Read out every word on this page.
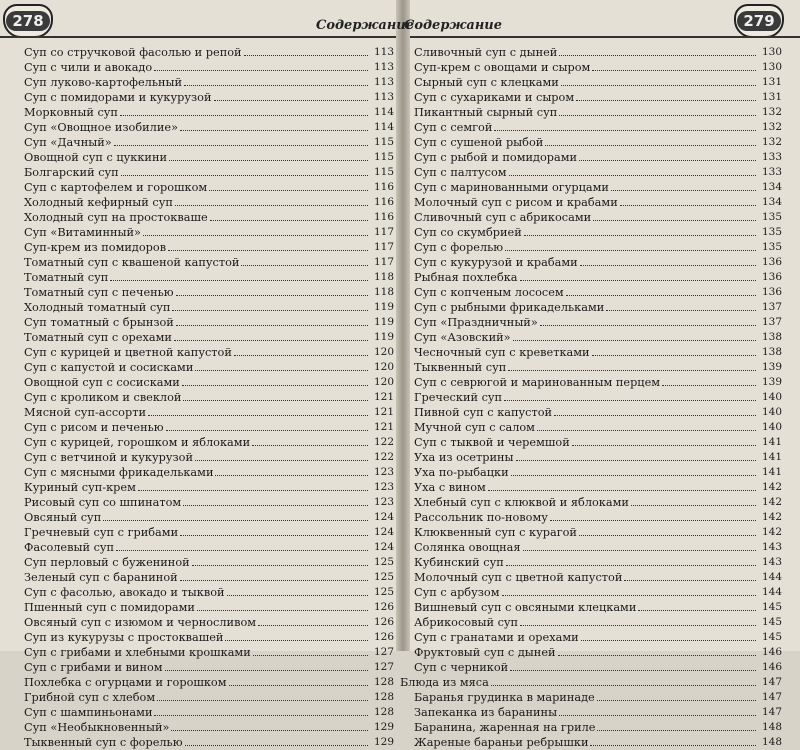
278	Содержание
Содержание	279
Суп со стручковой фасолью и репой	113
Суп с чили и авокадо	113
Суп луково-картофельный	113
Суп с помидорами и кукурузой	113
Морковный суп	114
Суп «Овощное изобилие»	114
Суп «Дачный»	115
Овощной суп с цуккини	115
Болгарский суп	115
Суп с картофелем и горошком	116
Холодный кефирный суп	116
Холодный суп на простокваше	116
Суп «Витаминный»	117
Суп-крем из помидоров	117
Томатный суп с квашеной капустой	117
Томатный суп	118
Томатный суп с печенью	118
Холодный томатный суп	119
Суп томатный с брынзой	119
Томатный суп с орехами	119
Суп с курицей и цветной капустой	120
Суп с капустой и сосисками	120
Овощной суп с сосисками	120
Суп с кроликом и свеклой	121
Мясной суп-ассорти	121
Суп с рисом и печенью	121
Суп с курицей, горошком и яблоками	122
Суп с ветчиной и кукурузой	122
Суп с мясными фрикадельками	123
Куриный суп-крем	123
Рисовый суп со шпинатом	123
Овсяный суп	124
Гречневый суп с грибами	124
Фасолевый суп	124
Суп перловый с бужениной	125
Зеленый суп с бараниной	125
Суп с фасолью, авокадо и тыквой	125
Пшенный суп с помидорами	126
Овсяный суп с изюмом и черносливом	126
Суп из кукурузы с простоквашей	126
Суп с грибами и хлебными крошками	127
Суп с грибами и вином	127
Похлебка с огурцами и горошком	128
Грибной суп с хлебом	128
Суп с шампиньонами	128
Суп «Необыкновенный»	129
Тыквенный суп с форелью	129
Сливочный суп с дыней	130
Суп-крем с овощами и сыром	130
Сырный суп с клецками	131
Суп с сухариками и сыром	131
Пикантный сырный суп	132
Суп с семгой	132
Суп с сушеной рыбой	132
Суп с рыбой и помидорами	133
Суп с палтусом	133
Суп с маринованными огурцами	134
Молочный суп с рисом и крабами	134
Сливочный суп с абрикосами	135
Суп со скумбрией	135
Суп с форелью	135
Суп с кукурузой и крабами	136
Рыбная похлебка	136
Суп с копченым лососем	136
Суп с рыбными фрикадельками	137
Суп «Праздничный»	137
Суп «Азовский»	138
Чесночный суп с креветками	138
Тыквенный суп	139
Суп с севрюгой и маринованным перцем	139
Греческий суп	140
Пивной суп с капустой	140
Мучной суп с салом	140
Суп с тыквой и черемшой	141
Уха из осетрины	141
Уха по-рыбацки	141
Уха с вином	142
Хлебный суп с клюквой и яблоками	142
Рассольник по-новому	142
Клюквенный суп с курагой	142
Солянка овощная	143
Кубинский суп	143
Молочный суп с цветной капустой	144
Суп с арбузом	144
Вишневый суп с овсяными клецками	145
Абрикосовый суп	145
Суп с гранатами и орехами	145
Фруктовый суп с дыней	146
Суп с черникой	146
Блюда из мяса	147
Баранья грудинка в маринаде	147
Запеканка из баранины	147
Баранина, жаренная на гриле	148
Жареные бараньи ребрышки	148
